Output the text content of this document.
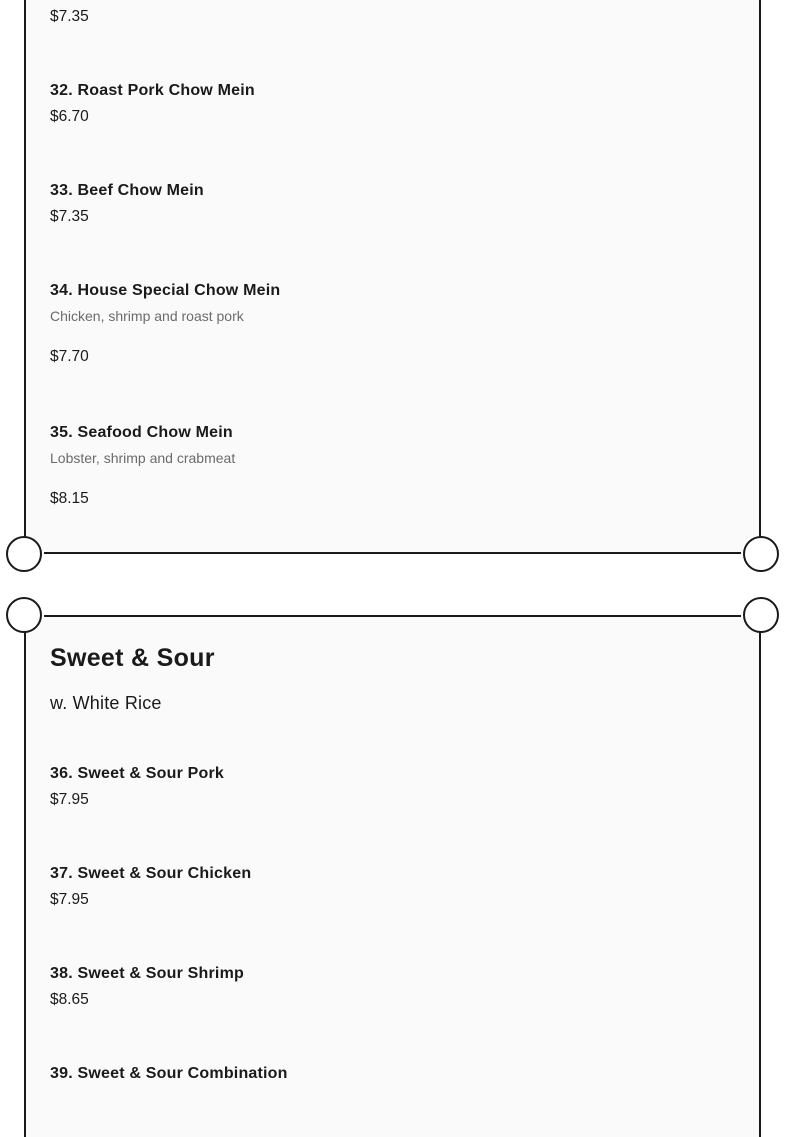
$7.35
32. Roast Pork Chow Mein
$6.70
33. Beef Chow Mein
$7.35
34. House Special Chow Mein
Chicken, shrimp and roast pork
$7.70
35. Seafood Chow Mein
Lobster, shrimp and crabmeat
$8.15
Sweet & Sour
w. White Rice
36. Sweet & Sour Pork
$7.95
37. Sweet & Sour Chicken
$7.95
38. Sweet & Sour Shrimp
$8.65
39. Sweet & Sour Combination
